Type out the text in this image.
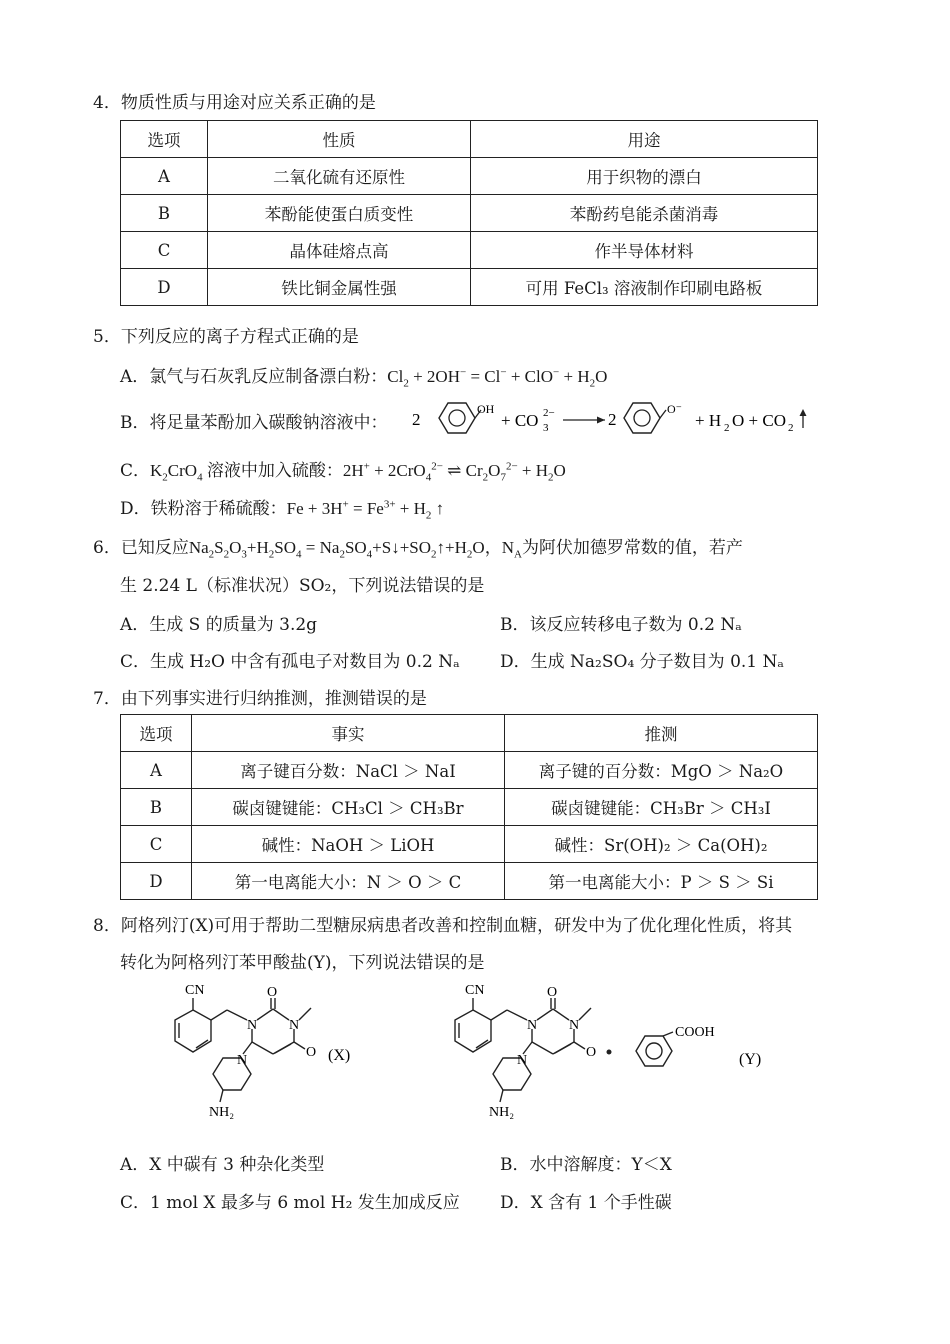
4．物质性质与用途对应关系正确的是
选项	性质	用途
A	二氧化硫有还原性	用于织物的漂白
B	苯酚能使蛋白质变性	苯酚药皂能杀菌消毒
C	晶体硅熔点高	作半导体材料
D	铁比铜金属性强	可用 FeCl₃ 溶液制作印刷电路板
5．下列反应的离子方程式正确的是
A．氯气与石灰乳反应制备漂白粉：$Cl_2 + 2OH^- = Cl^- + ClO^- + H_2O$
B．将足量苯酚加入碳酸钠溶液中： 2
OH
+ CO 3
2−	2
O⁻
+ H 2 O + CO 2
C．$K_2CrO_4$ 溶液中加入硫酸：2H+ + 2CrO$_4^{2-}$ ⇌ $Cr_2O_7^{2-} + H_2O$
D．铁粉溶于稀硫酸：$Fe + 3H^+ = Fe^{3+} + H_2$ ↑
6．已知反应$Na_2S_2O_3+H_2SO_4$ = $Na_2SO_4+S↓+SO_2↑+H_2O$，$N_A$为阿伏加德罗常数的值，若产
生 2.24 L（标准状况）SO₂，下列说法错误的是
A．生成 S 的质量为 3.2g	B．该反应转移电子数为 0.2 Nₐ
C．生成 H₂O 中含有孤电子对数目为 0.2 Nₐ D．生成 Na₂SO₄ 分子数目为 0.1 Nₐ
7．由下列事实进行归纳推测，推测错误的是
选项	事实	推测
A	离子键百分数：NaCl ＞ NaI	离子键的百分数：MgO ＞ Na₂O
B	碳卤键键能：CH₃Cl ＞ CH₃Br	碳卤键键能：CH₃Br ＞ CH₃I
C	碱性：NaOH ＞ LiOH	碱性：Sr(OH)₂ ＞ Ca(OH)₂
D	第一电离能大小：N ＞ O ＞ C	第一电离能大小：P ＞ S ＞ Si
8．阿格列汀(X)可用于帮助二型糖尿病患者改善和控制血糖，研发中为了优化理化性质，将其
转化为阿格列汀苯甲酸盐(Y)，下列说法错误的是
CN
N N
O
O
N
NH₂
(X)
CN
N N
O
O
N
NH₂
COOH
(Y)
A．X 中碳有 3 种杂化类型	B．水中溶解度：Y＜X
C．1 mol X 最多与 6 mol H₂ 发生加成反应 D．X 含有 1 个手性碳
